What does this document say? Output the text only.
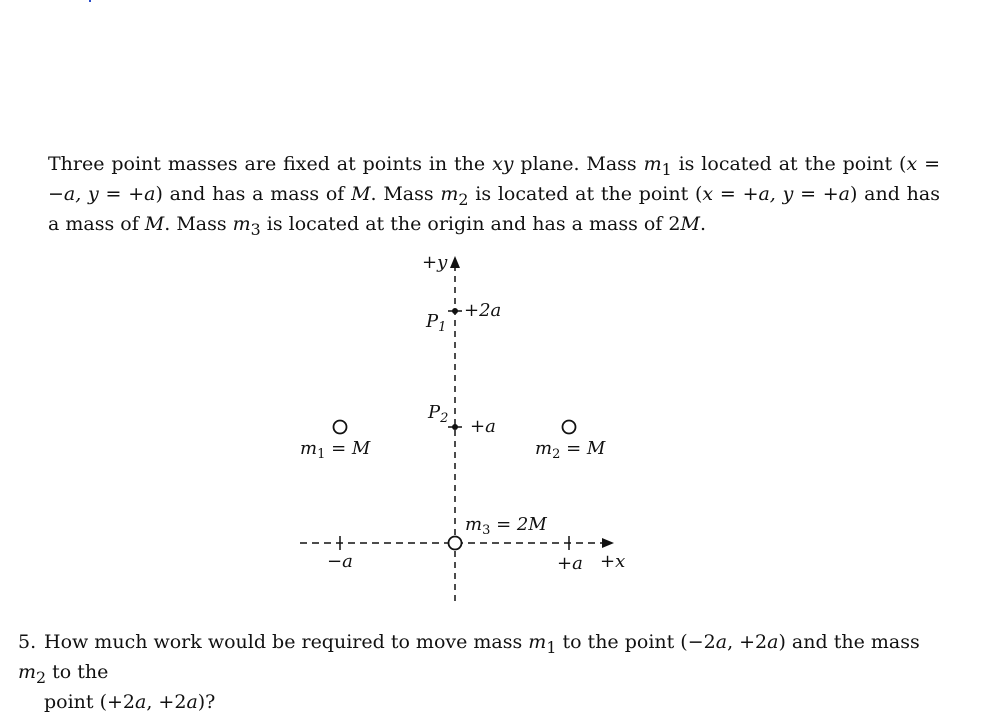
Three point masses are fixed at points in the xy plane. Mass $m_1$ is located at the point (x = −a, y = +a) and has a mass of M. Mass $m_2$ is located at the point (x = +a, y = +a) and has a mass of M. Mass $m_3$ is located at the origin and has a mass of 2M.

+y
+x
+2a
+a
−a	+a
$P_1$
$P_2$
$m_1 = M$	$m_2 = M$
$m_3 = 2M$

5. How much work would be required to move mass $m_1$ to the point (−2a, +2a) and the mass $m_2$ to the
point (+2a, +2a)?
